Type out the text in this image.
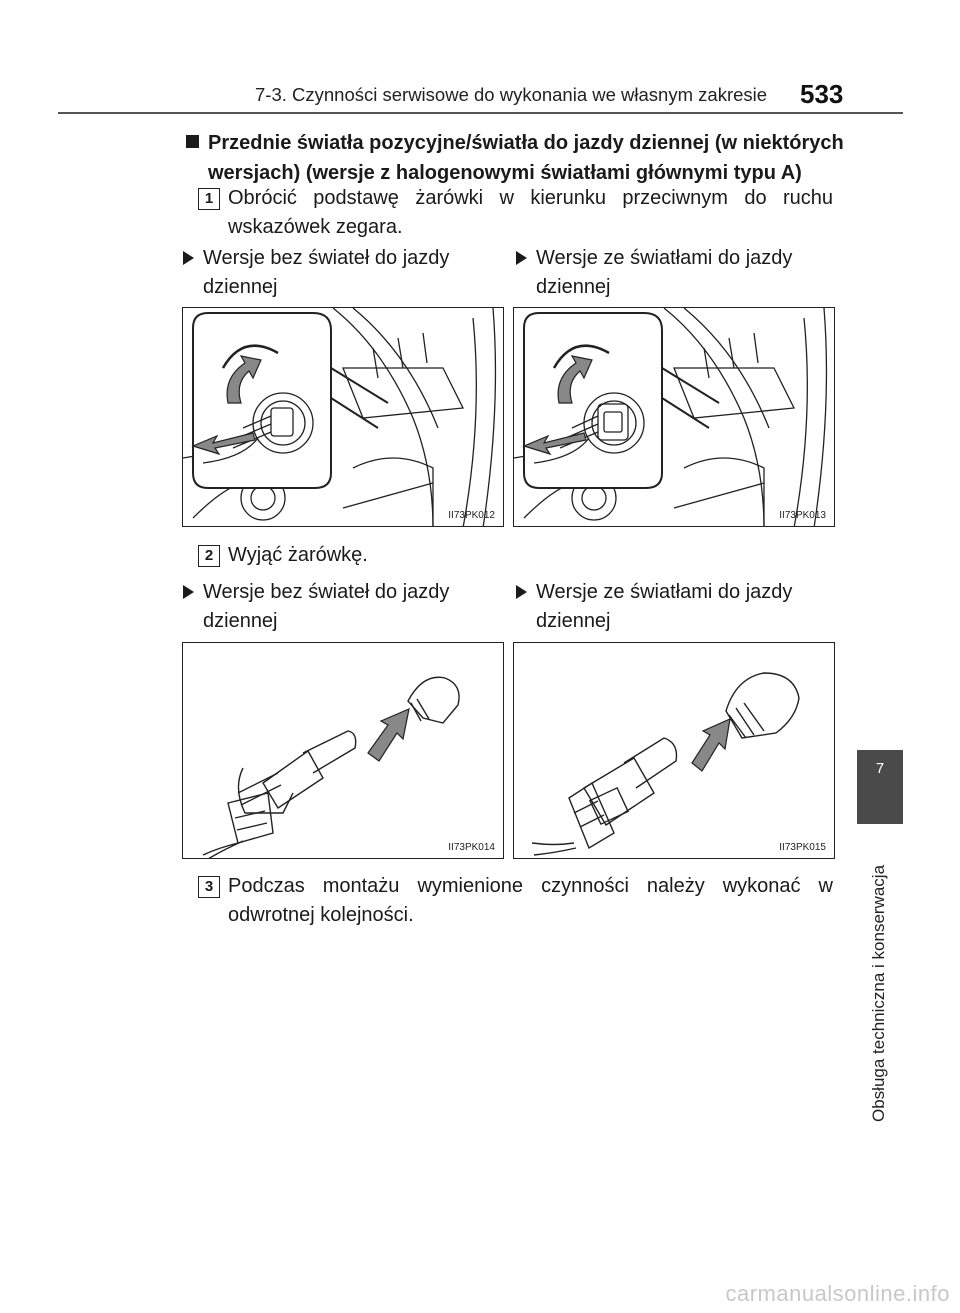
7-3. Czynności serwisowe do wykonania we własnym zakresie 533
Przednie światła pozycyjne/światła do jazdy dziennej (w niektórych wersjach) (wersje z halogenowymi światłami głównymi typu A)
1 Obrócić podstawę żarówki w kierunku przeciwnym do ruchu wskazówek zegara.
Wersje bez świateł do jazdy dziennej
Wersje ze światłami do jazdy dziennej
II73PK012	II73PK013
2 Wyjąć żarówkę.
Wersje bez świateł do jazdy dziennej
Wersje ze światłami do jazdy dziennej
II73PK014	II73PK015
3 Podczas montażu wymienione czynności należy wykonać w odwrotnej kolejności.
7
Obsługa techniczna i konserwacja
carmanualsonline.info
